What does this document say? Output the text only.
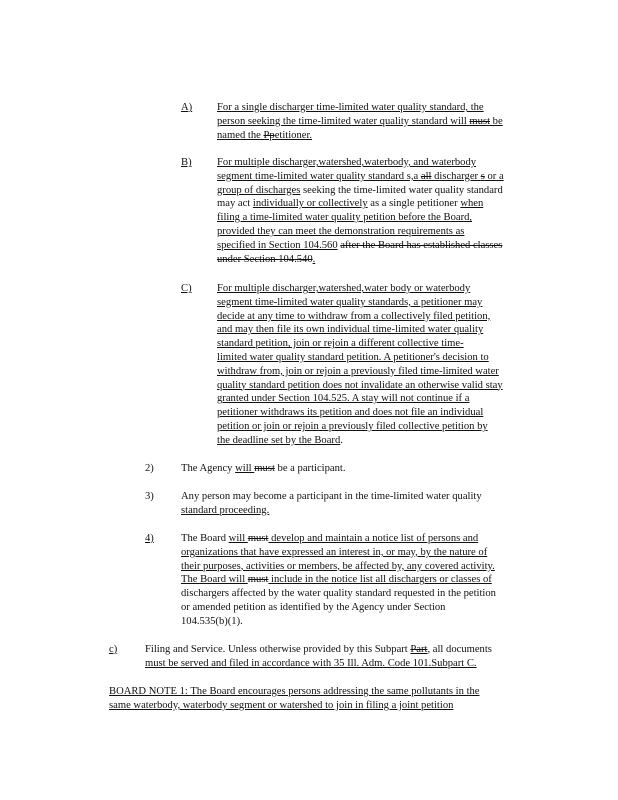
A) For a single discharger time-limited water quality standard, the
person seeking the time-limited water quality standard will must be
named the Ppetitioner.
B) For multiple discharger,watershed,waterbody, and waterbody
segment time-limited water quality standard s,a all discharger s or a
group of discharges seeking the time-limited water quality standard
may act individually or collectively as a single petitioner when
filing a time-limited water quality petition before the Board,
provided they can meet the demonstration requirements as
specified in Section 104.560 after the Board has established classes
under Section 104.540.
C) For multiple discharger,watershed,water body or waterbody
segment time-limited water quality standards, a petitioner may
decide at any time to withdraw from a collectively filed petition,
and may then file its own individual time-limited water quality
standard petition, join or rejoin a different collective time-
limited water quality standard petition. A petitioner's decision to
withdraw from, join or rejoin a previously filed time-limited water
quality standard petition does not invalidate an otherwise valid stay
granted under Section 104.525. A stay will not continue if a
petitioner withdraws its petition and does not file an individual
petition or join or rejoin a previously filed collective petition by
the deadline set by the Board.
2)	The Agency will must be a participant.
3)	Any person may become a participant in the time-limited water quality
standard proceeding.
4)	The Board will must develop and maintain a notice list of persons and
organizations that have expressed an interest in, or may, by the nature of
their purposes, activities or members, be affected by, any covered activity.
The Board will must include in the notice list all dischargers or classes of
dischargers affected by the water quality standard requested in the petition
or amended petition as identified by the Agency under Section
104.535(b)(1).
c)	Filing and Service. Unless otherwise provided by this Subpart Part, all documents
must be served and filed in accordance with 35 Ill. Adm. Code 101.Subpart C.
BOARD NOTE 1: The Board encourages persons addressing the same pollutants in the
same waterbody, waterbody segment or watershed to join in filing a joint petition
